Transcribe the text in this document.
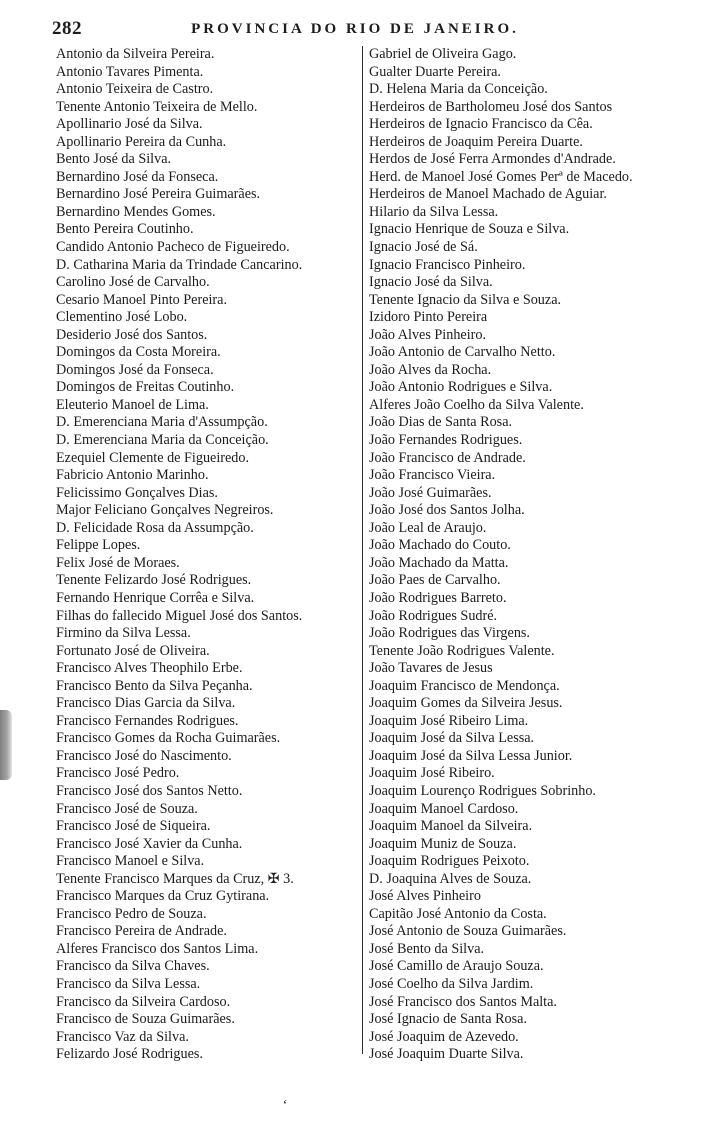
282	PROVINCIA DO RIO DE JANEIRO.
Antonio da Silveira Pereira.
Antonio Tavares Pimenta.
Antonio Teixeira de Castro.
Tenente Antonio Teixeira de Mello.
Apollinario José da Silva.
Apollinario Pereira da Cunha.
Bento José da Silva.
Bernardino José da Fonseca.
Bernardino José Pereira Guimarães.
Bernardino Mendes Gomes.
Bento Pereira Coutinho.
Candido Antonio Pacheco de Figueiredo.
D. Catharina Maria da Trindade Cancarino.
Carolino José de Carvalho.
Cesario Manoel Pinto Pereira.
Clementino José Lobo.
Desiderio José dos Santos.
Domingos da Costa Moreira.
Domingos José da Fonseca.
Domingos de Freitas Coutinho.
Eleuterio Manoel de Lima.
D. Emerenciana Maria d'Assumpção.
D. Emerenciana Maria da Conceição.
Ezequiel Clemente de Figueiredo.
Fabricio Antonio Marinho.
Felicissimo Gonçalves Dias.
Major Feliciano Gonçalves Negreiros.
D. Felicidade Rosa da Assumpção.
Felippe Lopes.
Felix José de Moraes.
Tenente Felizardo José Rodrigues.
Fernando Henrique Corrêa e Silva.
Filhas do fallecido Miguel José dos Santos.
Firmino da Silva Lessa.
Fortunato José de Oliveira.
Francisco Alves Theophilo Erbe.
Francisco Bento da Silva Peçanha.
Francisco Dias Garcia da Silva.
Francisco Fernandes Rodrigues.
Francisco Gomes da Rocha Guimarães.
Francisco José do Nascimento.
Francisco José Pedro.
Francisco José dos Santos Netto.
Francisco José de Souza.
Francisco José de Siqueira.
Francisco José Xavier da Cunha.
Francisco Manoel e Silva.
Tenente Francisco Marques da Cruz, ✠ 3.
Francisco Marques da Cruz Gytirana.
Francisco Pedro de Souza.
Francisco Pereira de Andrade.
Alferes Francisco dos Santos Lima.
Francisco da Silva Chaves.
Francisco da Silva Lessa.
Francisco da Silveira Cardoso.
Francisco de Souza Guimarães.
Francisco Vaz da Silva.
Felizardo José Rodrigues.
Gabriel de Oliveira Gago.
Gualter Duarte Pereira.
D. Helena Maria da Conceição.
Herdeiros de Bartholomeu José dos Santos
Herdeiros de Ignacio Francisco da Cêa.
Herdeiros de Joaquim Pereira Duarte.
Herdos de José Ferra Armondes d'Andrade.
Herd. de Manoel José Gomes Perª de Macedo.
Herdeiros de Manoel Machado de Aguiar.
Hilario da Silva Lessa.
Ignacio Henrique de Souza e Silva.
Ignacio José de Sá.
Ignacio Francisco Pinheiro.
Ignacio José da Silva.
Tenente Ignacio da Silva e Souza.
Izidoro Pinto Pereira
João Alves Pinheiro.
João Antonio de Carvalho Netto.
João Alves da Rocha.
João Antonio Rodrigues e Silva.
Alferes João Coelho da Silva Valente.
João Dias de Santa Rosa.
João Fernandes Rodrigues.
João Francisco de Andrade.
João Francisco Vieira.
João José Guimarães.
João José dos Santos Jolha.
João Leal de Araujo.
João Machado do Couto.
João Machado da Matta.
João Paes de Carvalho.
João Rodrigues Barreto.
João Rodrigues Sudré.
João Rodrigues das Virgens.
Tenente João Rodrigues Valente.
João Tavares de Jesus
Joaquim Francisco de Mendonça.
Joaquim Gomes da Silveira Jesus.
Joaquim José Ribeiro Lima.
Joaquim José da Silva Lessa.
Joaquim José da Silva Lessa Junior.
Joaquim José Ribeiro.
Joaquim Lourenço Rodrigues Sobrinho.
Joaquim Manoel Cardoso.
Joaquim Manoel da Silveira.
Joaquim Muniz de Souza.
Joaquim Rodrigues Peixoto.
D. Joaquina Alves de Souza.
José Alves Pinheiro
Capitão José Antonio da Costa.
José Antonio de Souza Guimarães.
José Bento da Silva.
José Camillo de Araujo Souza.
José Coelho da Silva Jardim.
José Francisco dos Santos Malta.
José Ignacio de Santa Rosa.
José Joaquim de Azevedo.
José Joaquim Duarte Silva.
‘
